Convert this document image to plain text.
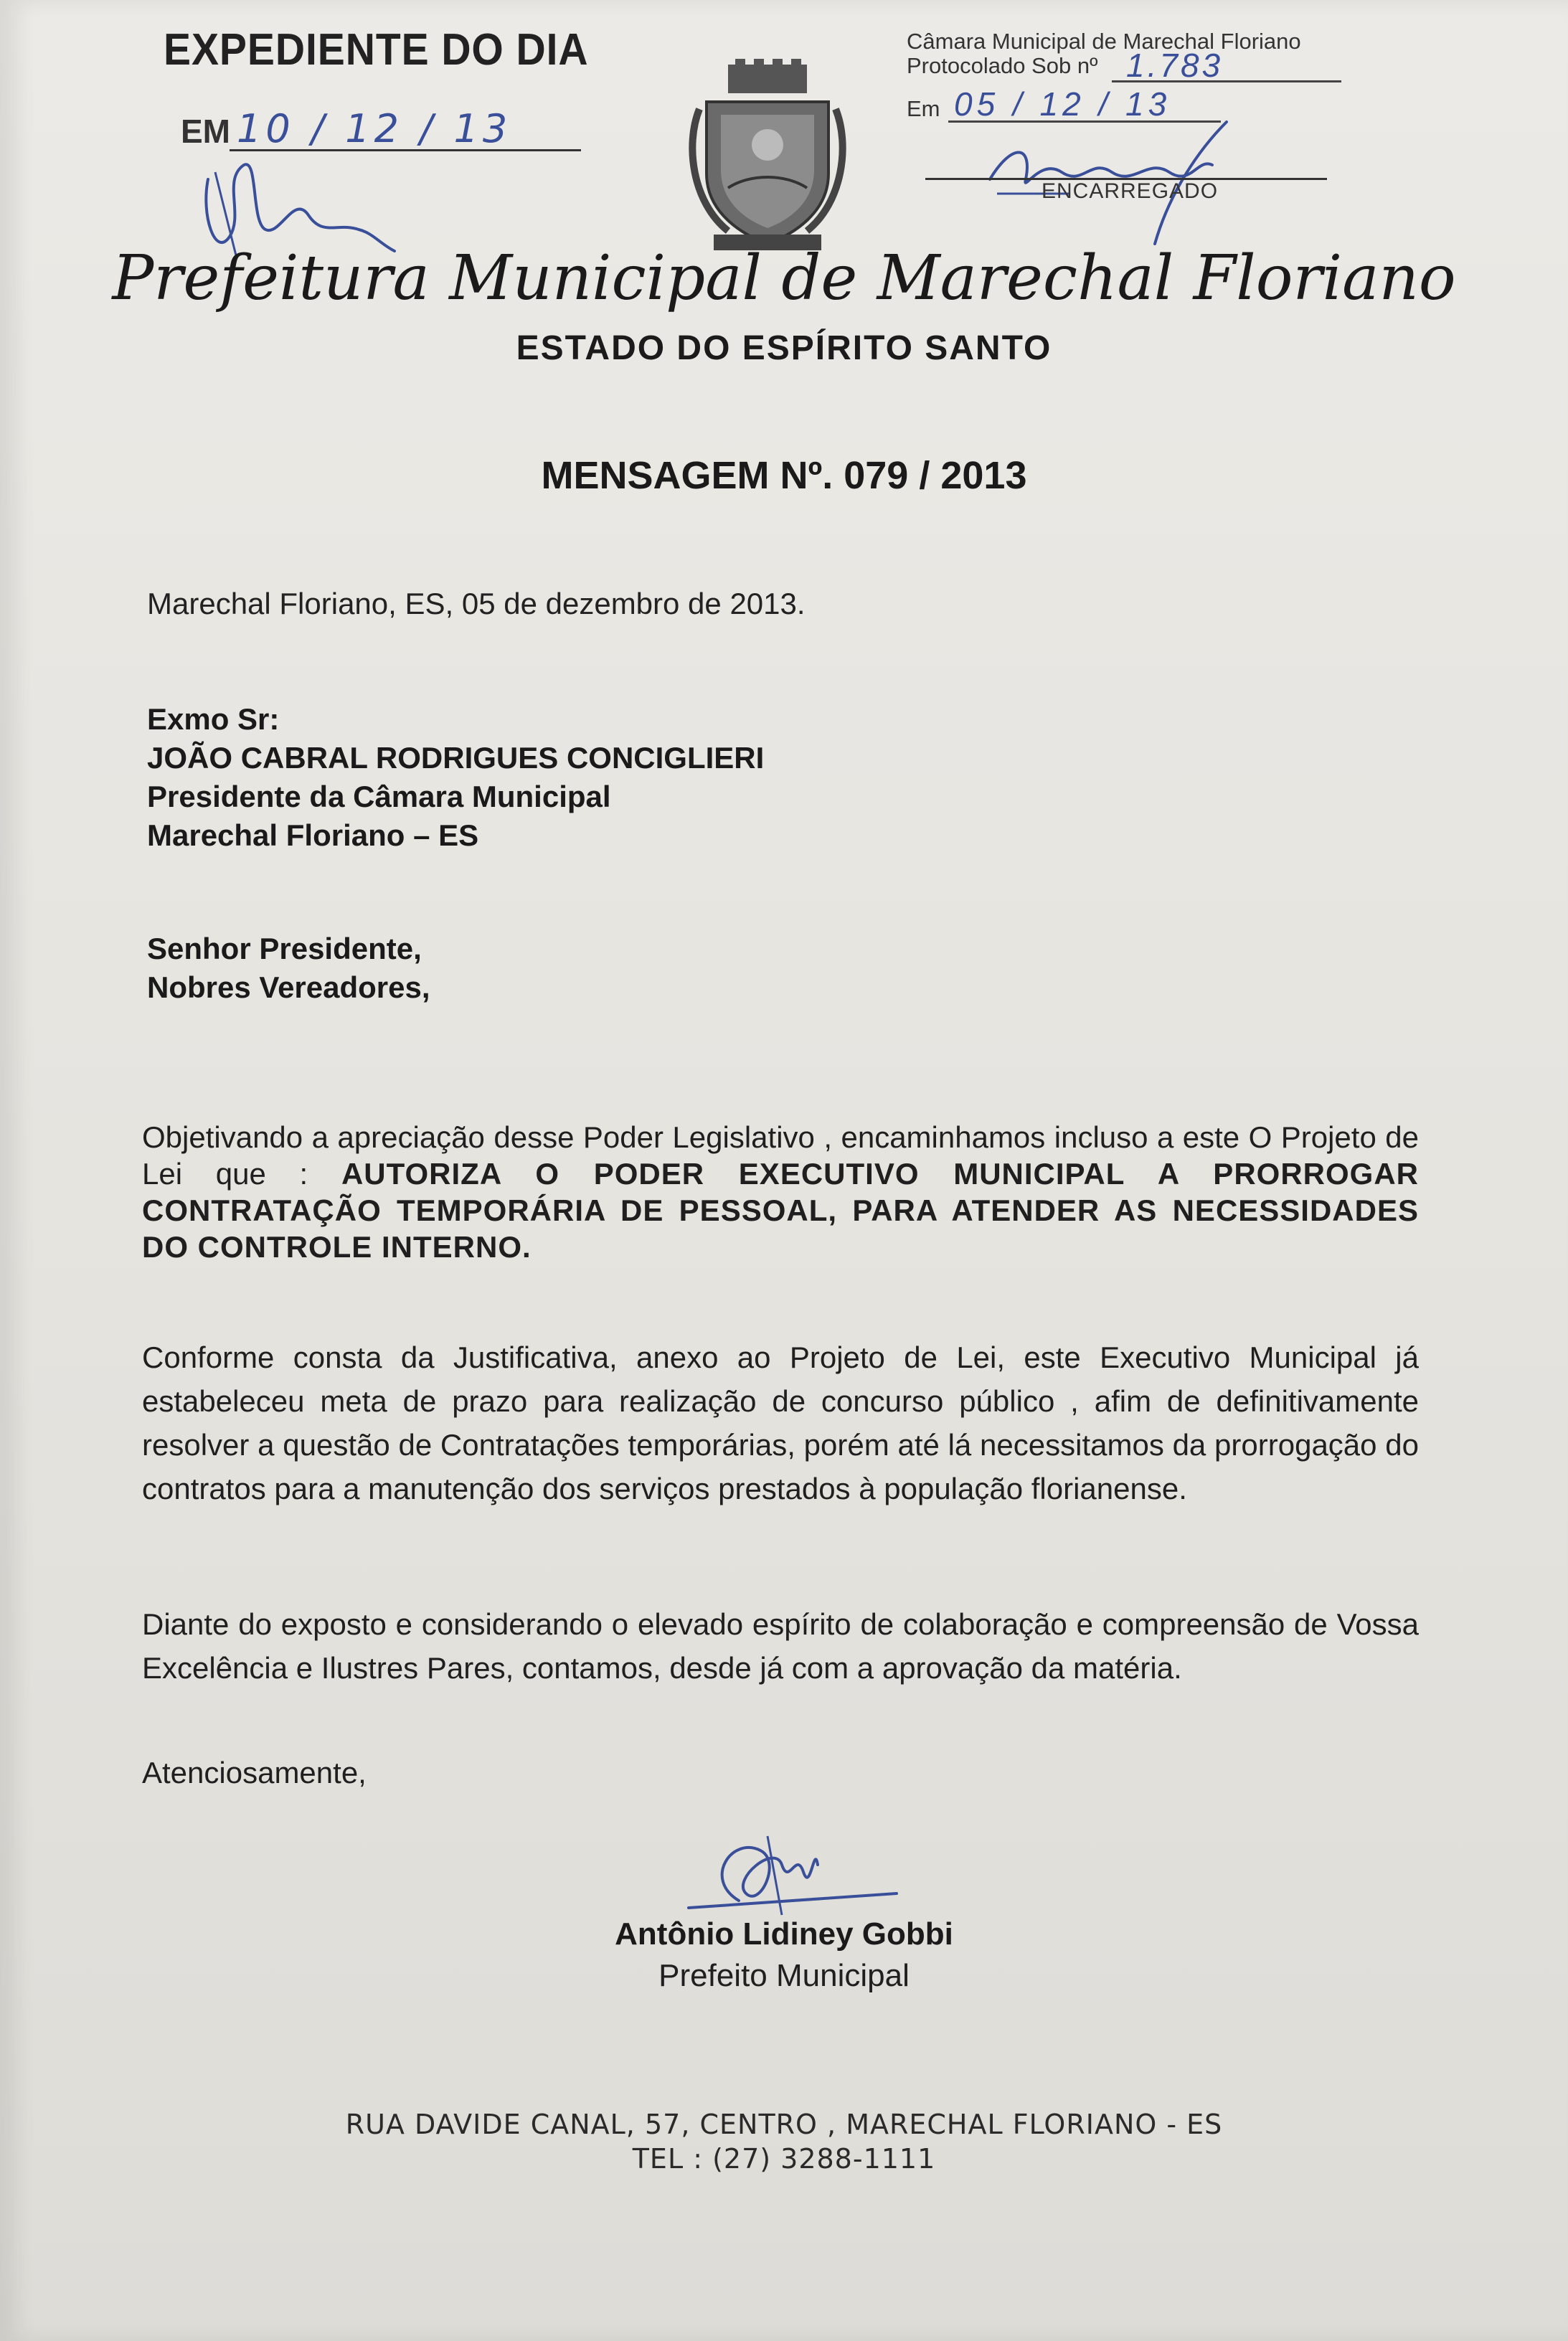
EXPEDIENTE DO DIA
EM 10 / 12 / 13
Câmara Municipal de Marechal Floriano
Protocolado Sob nº 1.783
Em 05 / 12 / 13
ENCARREGADO
Prefeitura Municipal de Marechal Floriano
ESTADO DO ESPÍRITO SANTO
MENSAGEM Nº. 079 / 2013
Marechal Floriano, ES, 05 de dezembro de 2013.
Exmo Sr:
JOÃO CABRAL RODRIGUES CONCIGLIERI
Presidente da Câmara Municipal
Marechal Floriano – ES
Senhor Presidente,
Nobres Vereadores,
Objetivando a apreciação desse Poder Legislativo , encaminhamos incluso a este O Projeto de Lei que : AUTORIZA O PODER EXECUTIVO MUNICIPAL A PRORROGAR CONTRATAÇÃO TEMPORÁRIA DE PESSOAL, PARA ATENDER AS NECESSIDADES DO CONTROLE INTERNO.
Conforme consta da Justificativa, anexo ao Projeto de Lei, este Executivo Municipal já estabeleceu meta de prazo para realização de concurso público , afim de definitivamente resolver a questão de Contratações temporárias, porém até lá necessitamos da prorrogação do contratos para a manutenção dos serviços prestados à população florianense.
Diante do exposto e considerando o elevado espírito de colaboração e compreensão de Vossa Excelência e Ilustres Pares, contamos, desde já com a aprovação da matéria.
Atenciosamente,
Antônio Lidiney Gobbi
Prefeito Municipal
RUA DAVIDE CANAL, 57, CENTRO , MARECHAL FLORIANO - ES
TEL : (27) 3288-1111
